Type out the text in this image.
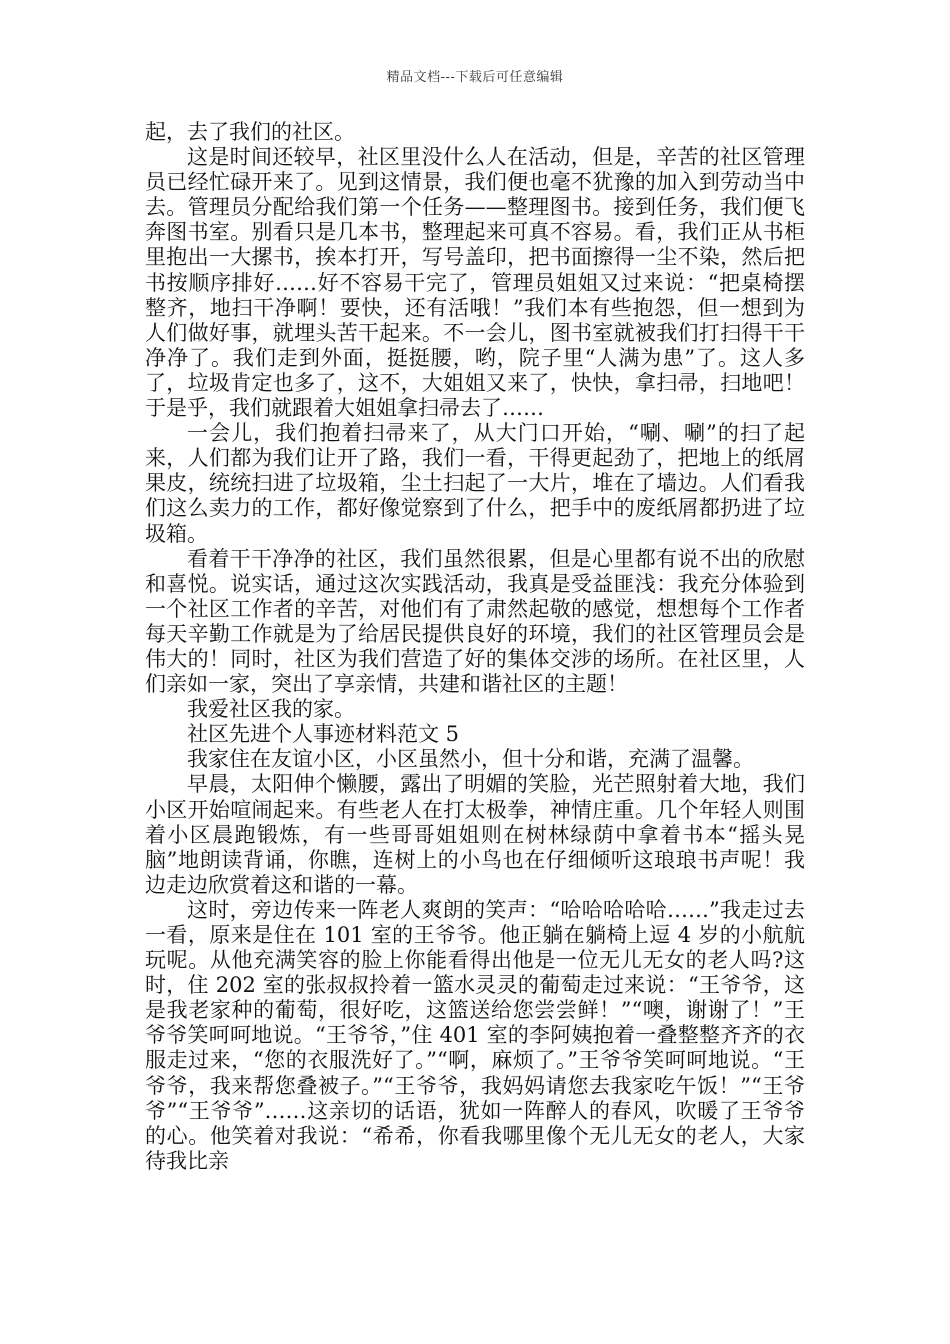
精品文档---下载后可任意编辑

起，去了我们的社区。

这是时间还较早，社区里没什么人在活动，但是，辛苦的社区管理员已经忙碌开来了。见到这情景，我们便也毫不犹豫的加入到劳动当中去。管理员分配给我们第一个任务——整理图书。接到任务，我们便飞奔图书室。别看只是几本书，整理起来可真不容易。看，我们正从书柜里抱出一大摞书，挨本打开，写号盖印，把书面擦得一尘不染，然后把书按顺序排好……好不容易干完了，管理员姐姐又过来说：“把桌椅摆整齐，地扫干净啊！要快，还有活哦！”我们本有些抱怨，但一想到为人们做好事，就埋头苦干起来。不一会儿，图书室就被我们打扫得干干净净了。我们走到外面，挺挺腰，哟，院子里“人满为患”了。这人多了，垃圾肯定也多了，这不，大姐姐又来了，快快，拿扫帚，扫地吧！于是乎，我们就跟着大姐姐拿扫帚去了……

一会儿，我们抱着扫帚来了，从大门口开始，“唰、唰”的扫了起来，人们都为我们让开了路，我们一看，干得更起劲了，把地上的纸屑果皮，统统扫进了垃圾箱，尘土扫起了一大片，堆在了墙边。人们看我们这么卖力的工作，都好像觉察到了什么，把手中的废纸屑都扔进了垃圾箱。

看着干干净净的社区，我们虽然很累，但是心里都有说不出的欣慰和喜悦。说实话，通过这次实践活动，我真是受益匪浅：我充分体验到一个社区工作者的辛苦，对他们有了肃然起敬的感觉，想想每个工作者每天辛勤工作就是为了给居民提供良好的环境，我们的社区管理员会是伟大的！同时，社区为我们营造了好的集体交涉的场所。在社区里，人们亲如一家，突出了享亲情，共建和谐社区的主题！

我爱社区我的家。

社区先进个人事迹材料范文 5

我家住在友谊小区，小区虽然小，但十分和谐，充满了温馨。

早晨，太阳伸个懒腰，露出了明媚的笑脸，光芒照射着大地，我们小区开始喧闹起来。有些老人在打太极拳，神情庄重。几个年轻人则围着小区晨跑锻炼，有一些哥哥姐姐则在树林绿荫中拿着书本“摇头晃脑”地朗读背诵，你瞧，连树上的小鸟也在仔细倾听这琅琅书声呢！我边走边欣赏着这和谐的一幕。

这时，旁边传来一阵老人爽朗的笑声：“哈哈哈哈哈……”我走过去一看，原来是住在 101 室的王爷爷。他正躺在躺椅上逗 4 岁的小航航玩呢。从他充满笑容的脸上你能看得出他是一位无儿无女的老人吗?这时，住 202 室的张叔叔拎着一篮水灵灵的葡萄走过来说：“王爷爷，这是我老家种的葡萄，很好吃，这篮送给您尝尝鲜！”“噢，谢谢了！”王爷爷笑呵呵地说。“王爷爷，”住 401 室的李阿姨抱着一叠整整齐齐的衣服走过来，“您的衣服洗好了。”“啊，麻烦了。”王爷爷笑呵呵地说。“王爷爷，我来帮您叠被子。”“王爷爷，我妈妈请您去我家吃午饭！”“王爷爷”“王爷爷”……这亲切的话语，犹如一阵醉人的春风，吹暖了王爷爷的心。他笑着对我说：“希希，你看我哪里像个无儿无女的老人，大家待我比亲
